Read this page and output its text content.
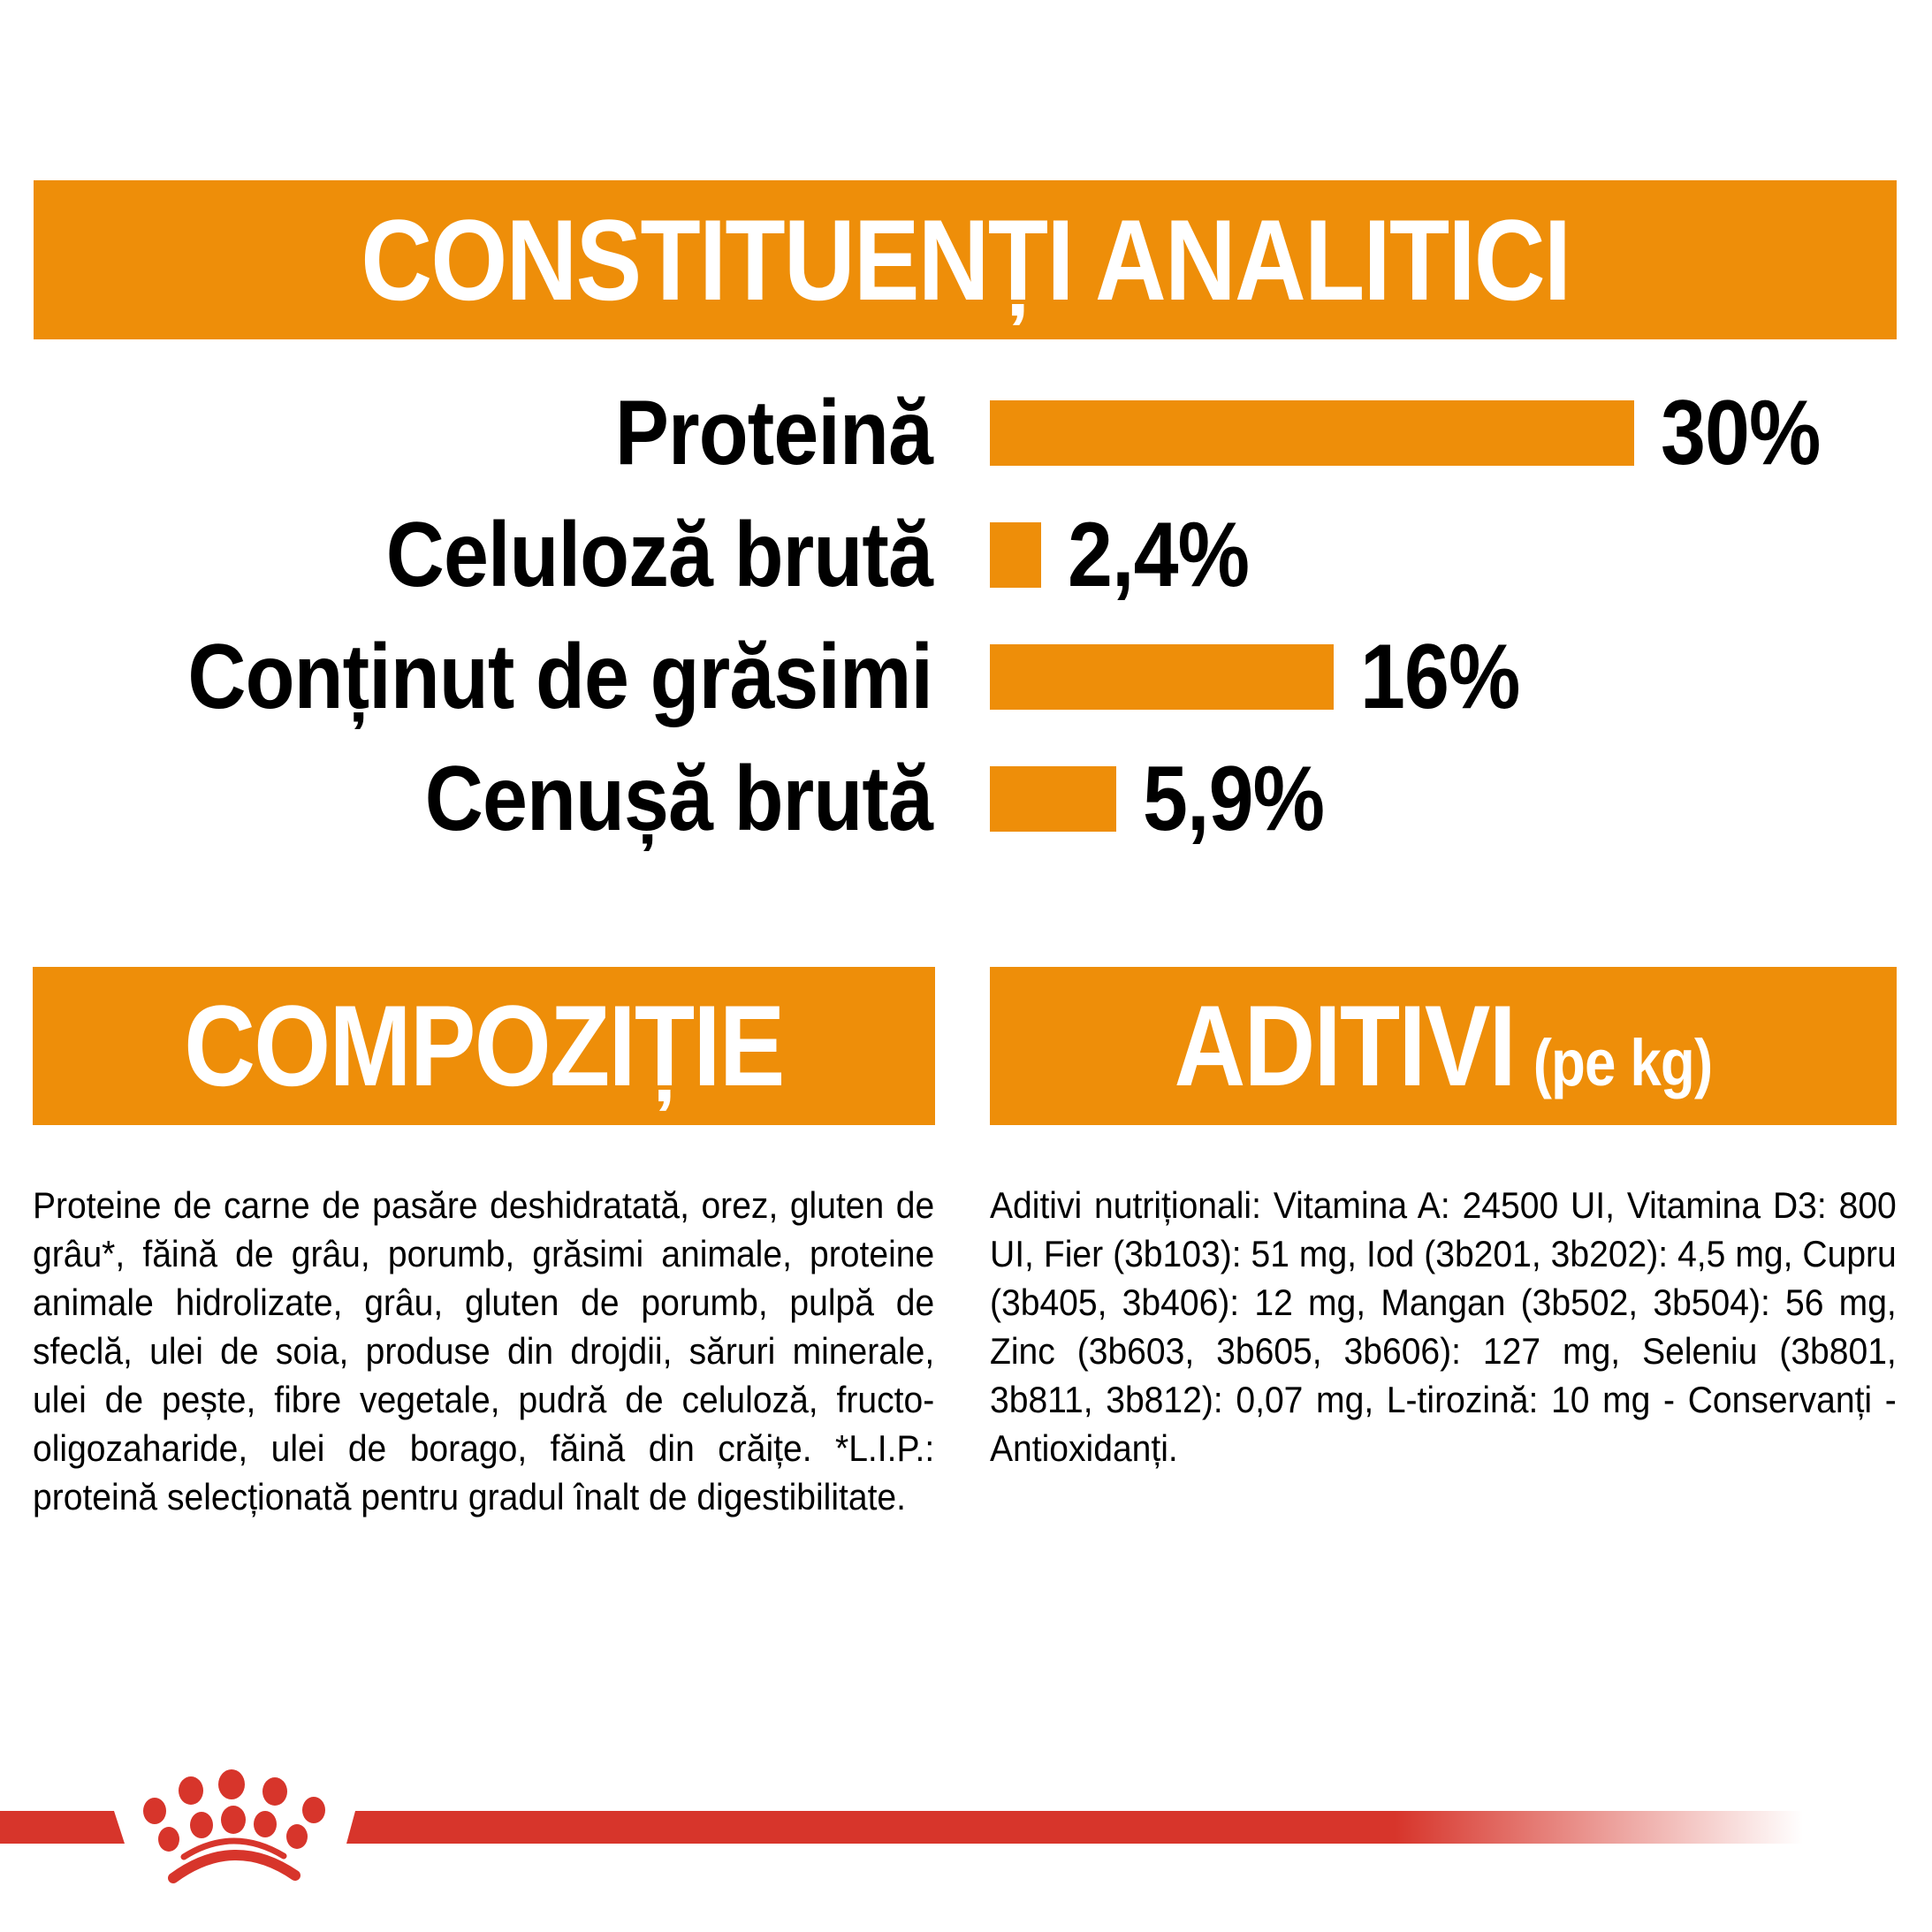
CONSTITUENȚI ANALITICI
Proteină	30%
Celuloză brută 2,4%
Conținut de grăsimi	16%
Cenușă brută 5,9%
COMPOZIȚIE	ADITIVI (pe kg)

Proteine de carne de pasăre deshidratată, orez, gluten de grâu*, făină de grâu, porumb, grăsimi animale, proteine animale hidrolizate, grâu, gluten de porumb, pulpă de sfeclă, ulei de soia, produse din drojdii, săruri minerale, ulei de pește, fibre vegetale, pudră de celuloză, fructo-oligozaharide, ulei de borago, făină din crăițe. *L.I.P.: proteină selecționată pentru gradul înalt de digestibilitate.

Aditivi nutriționali: Vitamina A: 24500 UI, Vitamina D3: 800 UI, Fier (3b103): 51 mg, Iod (3b201, 3b202): 4,5 mg, Cupru (3b405, 3b406): 12 mg, Mangan (3b502, 3b504): 56 mg, Zinc (3b603, 3b605, 3b606): 127 mg, Seleniu (3b801, 3b811, 3b812): 0,07 mg, L-tirozină: 10 mg - Conservanți - Antioxidanți.
